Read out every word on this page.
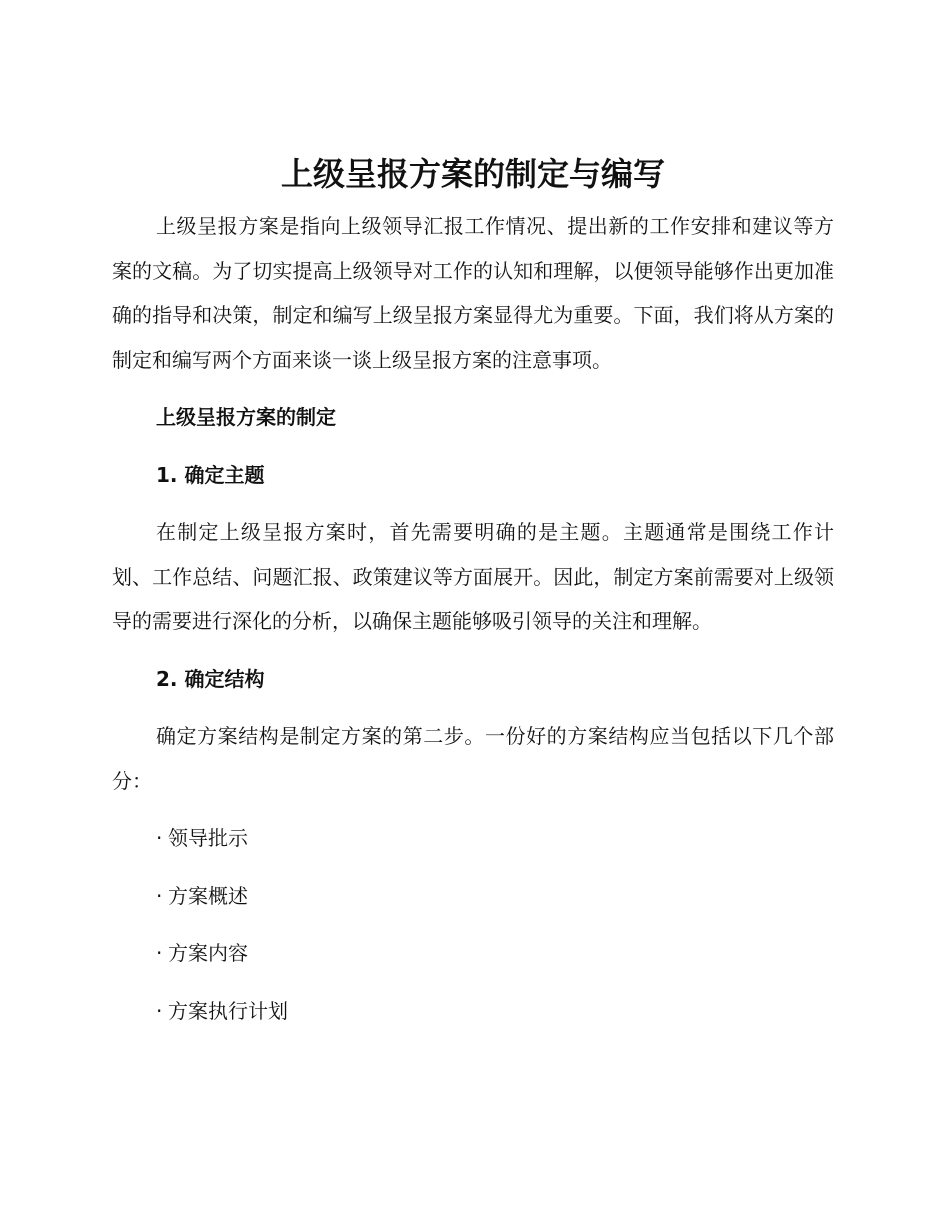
上级呈报方案的制定与编写

上级呈报方案是指向上级领导汇报工作情况、提出新的工作安排和建议等方案的文稿。为了切实提高上级领导对工作的认知和理解，以便领导能够作出更加准确的指导和决策，制定和编写上级呈报方案显得尤为重要。下面，我们将从方案的制定和编写两个方面来谈一谈上级呈报方案的注意事项。

上级呈报方案的制定
1. 确定主题

在制定上级呈报方案时，首先需要明确的是主题。主题通常是围绕工作计划、工作总结、问题汇报、政策建议等方面展开。因此，制定方案前需要对上级领导的需要进行深化的分析，以确保主题能够吸引领导的关注和理解。

2. 确定结构

确定方案结构是制定方案的第二步。一份好的方案结构应当包括以下几个部分：

· 领导批示
· 方案概述
· 方案内容
· 方案执行计划
